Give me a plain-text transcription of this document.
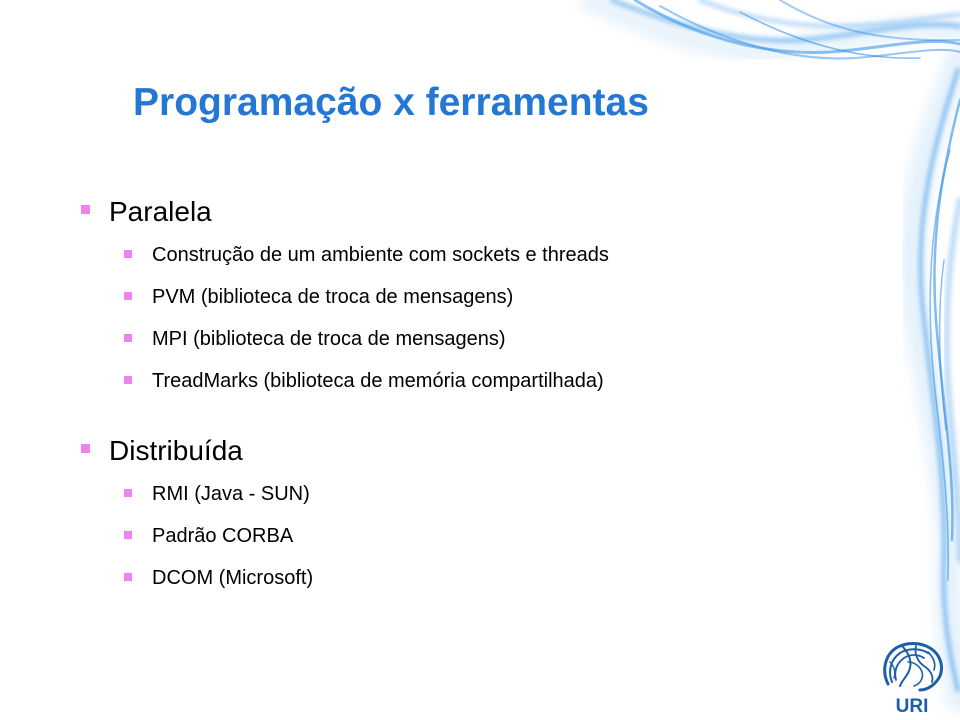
Programação x ferramentas
Paralela
Construção de um ambiente com sockets e threads
PVM (biblioteca de troca de mensagens)
MPI (biblioteca de troca de mensagens)
TreadMarks (biblioteca de memória compartilhada)
Distribuída
RMI (Java - SUN)
Padrão CORBA
DCOM (Microsoft)
URI
